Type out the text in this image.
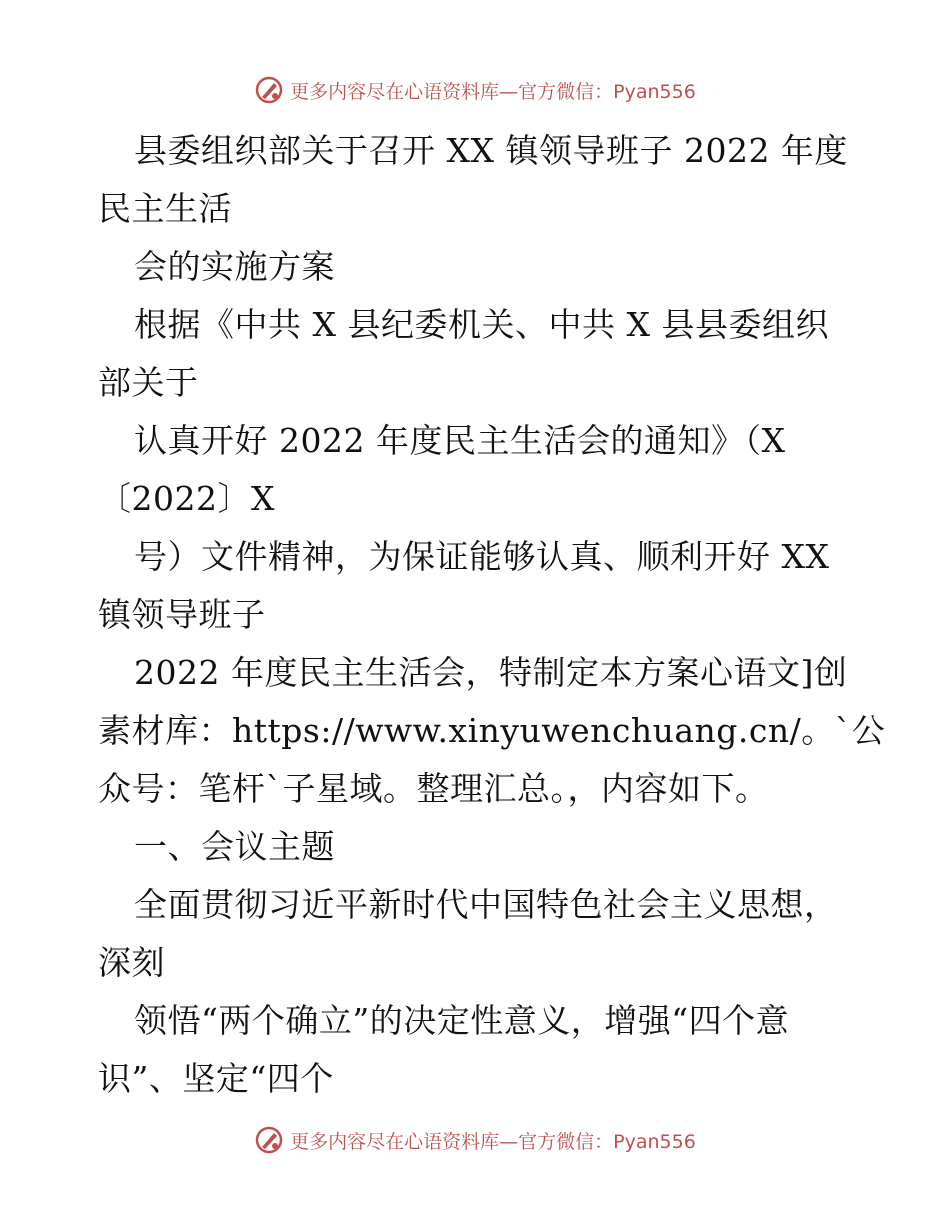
更多内容尽在心语资料库—官方微信：Pyan556
县委组织部关于召开 XX 镇领导班子 2022 年度
民主生活
会的实施方案
根据《中共 X 县纪委机关、中共 X 县县委组织
部关于
认真开好 2022 年度民主生活会的通知》（X
〔2022〕X
号）文件精神，为保证能够认真、顺利开好 XX
镇领导班子
2022 年度民主生活会，特制定本方案心语文]创
素材库：https://www.xinyuwenchuang.cn/。`公
众号：笔杆`子星域。整理汇总。，内容如下。
一、会议主题
全面贯彻习近平新时代中国特色社会主义思想，
深刻
领悟“两个确立”的决定性意义，增强“四个意
识”、坚定“四个
更多内容尽在心语资料库—官方微信：Pyan556
